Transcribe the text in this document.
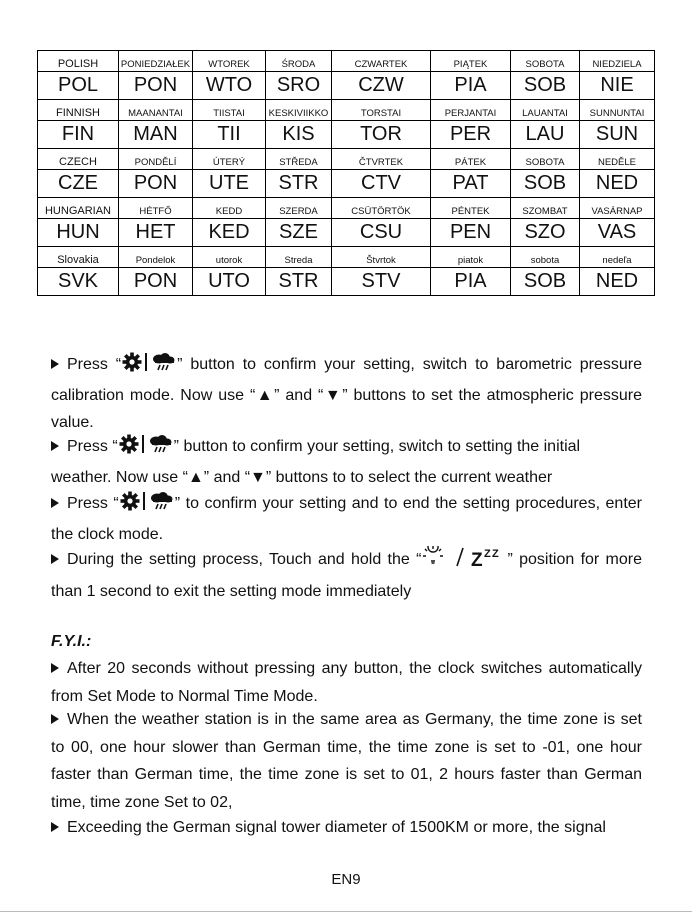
POLISH	PONIEDZIAŁEK	WTOREK	ŚRODA	CZWARTEK	PIĄTEK	SOBOTA	NIEDZIELA
POL	PON	WTO	SRO	CZW	PIA	SOB	NIE
FINNISH	MAANANTAI	TIISTAI	KESKIVIIKKO	TORSTAI	PERJANTAI	LAUANTAI	SUNNUNTAI
FIN	MAN	TII	KIS	TOR	PER	LAU	SUN
CZECH	PONDĚLÍ	ÚTERÝ	STŘEDA	ČTVRTEK	PÁTEK	SOBOTA	NEDĚLE
CZE	PON	UTE	STR	CTV	PAT	SOB	NED
HUNGARIAN	HÉTFŐ	KEDD	SZERDA	CSÜTÖRTÖK	PÉNTEK	SZOMBAT	VASÁRNAP
HUN	HET	KED	SZE	CSU	PEN	SZO	VAS
Slovakia	Pondelok	utorok	Streda	Štvrtok	piatok	sobota	nedeľa
SVK	PON	UTO	STR	STV	PIA	SOB	NED
Press “	” button to confirm your setting, switch to barometric pressure calibration mode. Now use “▲” and “▼” buttons to set the atmospheric pressure value.
Press “	” button to confirm your setting, switch to setting the initial weather. Now use “▲” and “▼” buttons to to select the current weather
Press “	” to confirm your setting and to end the setting procedures, enter the clock mode.
During the setting process, Touch and hold the “	Z Z Z ” position for more than 1 second to exit the setting mode immediately
F.Y.I.:
After 20 seconds without pressing any button, the clock switches automatically from Set Mode to Normal Time Mode.
When the weather station is in the same area as Germany, the time zone is set to 00, one hour slower than German time, the time zone is set to -01, one hour faster than German time, the time zone is set to 01, 2 hours faster than German time, time zone Set to 02,
Exceeding the German signal tower diameter of 1500KM or more, the signal
EN9
